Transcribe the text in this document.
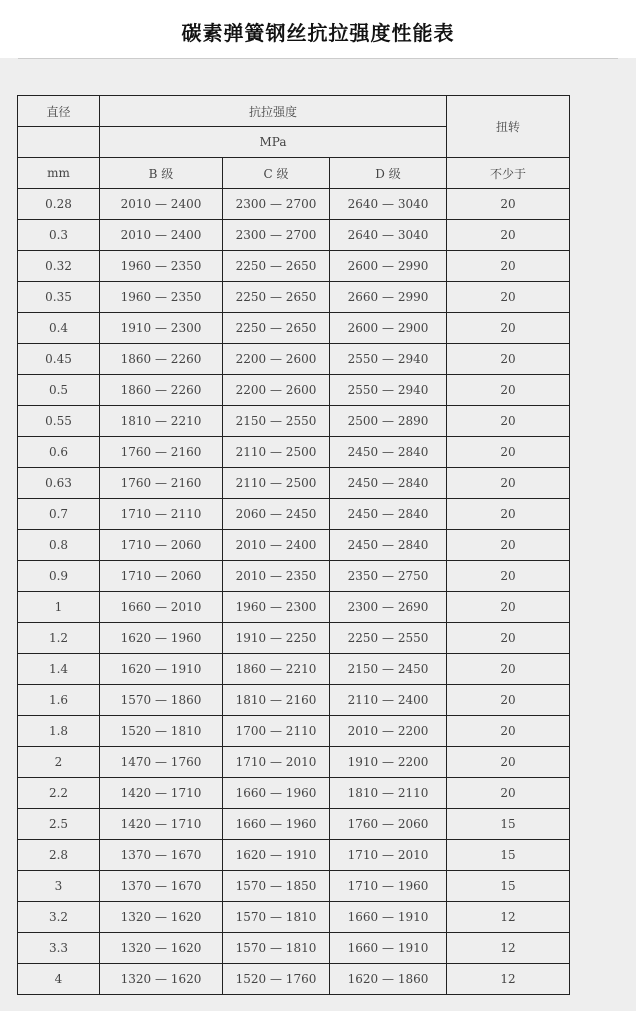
碳素弹簧钢丝抗拉强度性能表
直径	抗拉强度			扭转
	MPa			
mm	B 级	C 级	D 级	不少于
0.28	2010 — 2400	2300 — 2700	2640 — 3040	20
0.3	2010 — 2400	2300 — 2700	2640 — 3040	20
0.32	1960 — 2350	2250 — 2650	2600 — 2990	20
0.35	1960 — 2350	2250 — 2650	2660 — 2990	20
0.4	1910 — 2300	2250 — 2650	2600 — 2900	20
0.45	1860 — 2260	2200 — 2600	2550 — 2940	20
0.5	1860 — 2260	2200 — 2600	2550 — 2940	20
0.55	1810 — 2210	2150 — 2550	2500 — 2890	20
0.6	1760 — 2160	2110 — 2500	2450 — 2840	20
0.63	1760 — 2160	2110 — 2500	2450 — 2840	20
0.7	1710 — 2110	2060 — 2450	2450 — 2840	20
0.8	1710 — 2060	2010 — 2400	2450 — 2840	20
0.9	1710 — 2060	2010 — 2350	2350 — 2750	20
1	1660 — 2010	1960 — 2300	2300 — 2690	20
1.2	1620 — 1960	1910 — 2250	2250 — 2550	20
1.4	1620 — 1910	1860 — 2210	2150 — 2450	20
1.6	1570 — 1860	1810 — 2160	2110 — 2400	20
1.8	1520 — 1810	1700 — 2110	2010 — 2200	20
2	1470 — 1760	1710 — 2010	1910 — 2200	20
2.2	1420 — 1710	1660 — 1960	1810 — 2110	20
2.5	1420 — 1710	1660 — 1960	1760 — 2060	15
2.8	1370 — 1670	1620 — 1910	1710 — 2010	15
3	1370 — 1670	1570 — 1850	1710 — 1960	15
3.2	1320 — 1620	1570 — 1810	1660 — 1910	12
3.3	1320 — 1620	1570 — 1810	1660 — 1910	12
4	1320 — 1620	1520 — 1760	1620 — 1860	12
